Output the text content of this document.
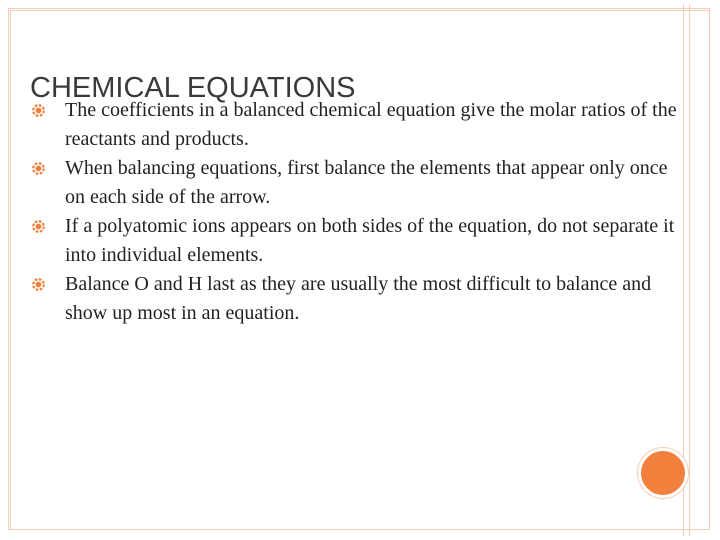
CHEMICAL EQUATIONS
The coefficients in a balanced chemical equation give the molar ratios of the reactants and products.
When balancing equations, first balance the elements that appear only once on each side of the arrow.
If a polyatomic ions appears on both sides of the equation, do not separate it into individual elements.
Balance O and H last as they are usually the most difficult to balance and show up most in an equation.
